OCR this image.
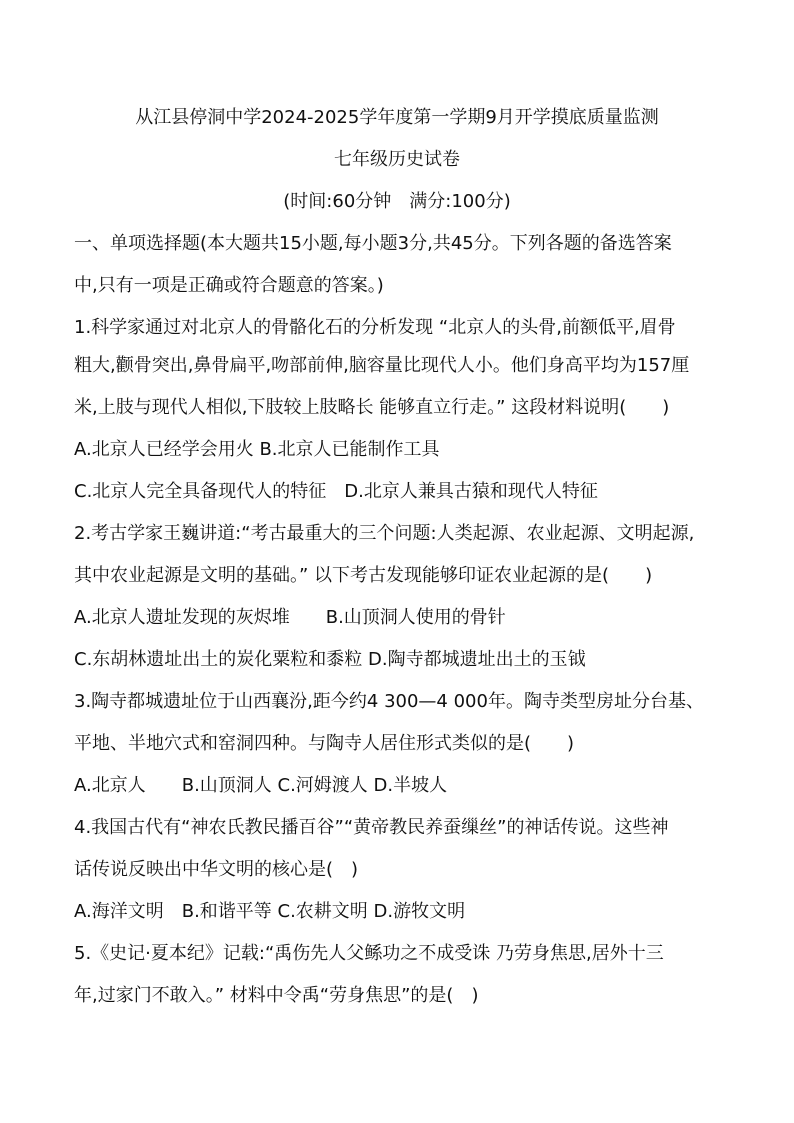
从江县停洞中学2024-2025学年度第一学期9月开学摸底质量监测
七年级历史试卷
(时间:60分钟　满分:100分)
一、单项选择题(本大题共15小题,每小题3分,共45分。下列各题的备选答案
中,只有一项是正确或符合题意的答案。)
1.科学家通过对北京人的骨骼化石的分析发现 “北京人的头骨,前额低平,眉骨
粗大,颧骨突出,鼻骨扁平,吻部前伸,脑容量比现代人小。他们身高平均为157厘
米,上肢与现代人相似,下肢较上肢略长 能够直立行走。” 这段材料说明(　　)
A.北京人已经学会用火 B.北京人已能制作工具
C.北京人完全具备现代人的特征　D.北京人兼具古猿和现代人特征
2.考古学家王巍讲道:“考古最重大的三个问题:人类起源、农业起源、文明起源,
其中农业起源是文明的基础。” 以下考古发现能够印证农业起源的是(　　)
A.北京人遗址发现的灰烬堆　　B.山顶洞人使用的骨针
C.东胡林遗址出土的炭化粟粒和黍粒 D.陶寺都城遗址出土的玉钺
3.陶寺都城遗址位于山西襄汾,距今约4 300—4 000年。陶寺类型房址分台基、
平地、半地穴式和窑洞四种。与陶寺人居住形式类似的是(　　)
A.北京人　　B.山顶洞人 C.河姆渡人 D.半坡人
4.我国古代有“神农氏教民播百谷”“黄帝教民养蚕缫丝”的神话传说。这些神
话传说反映出中华文明的核心是(　)
A.海洋文明　B.和谐平等 C.农耕文明 D.游牧文明
5.《史记·夏本纪》记载:“禹伤先人父鲧功之不成受诛 乃劳身焦思,居外十三
年,过家门不敢入。” 材料中令禹“劳身焦思”的是(　)
